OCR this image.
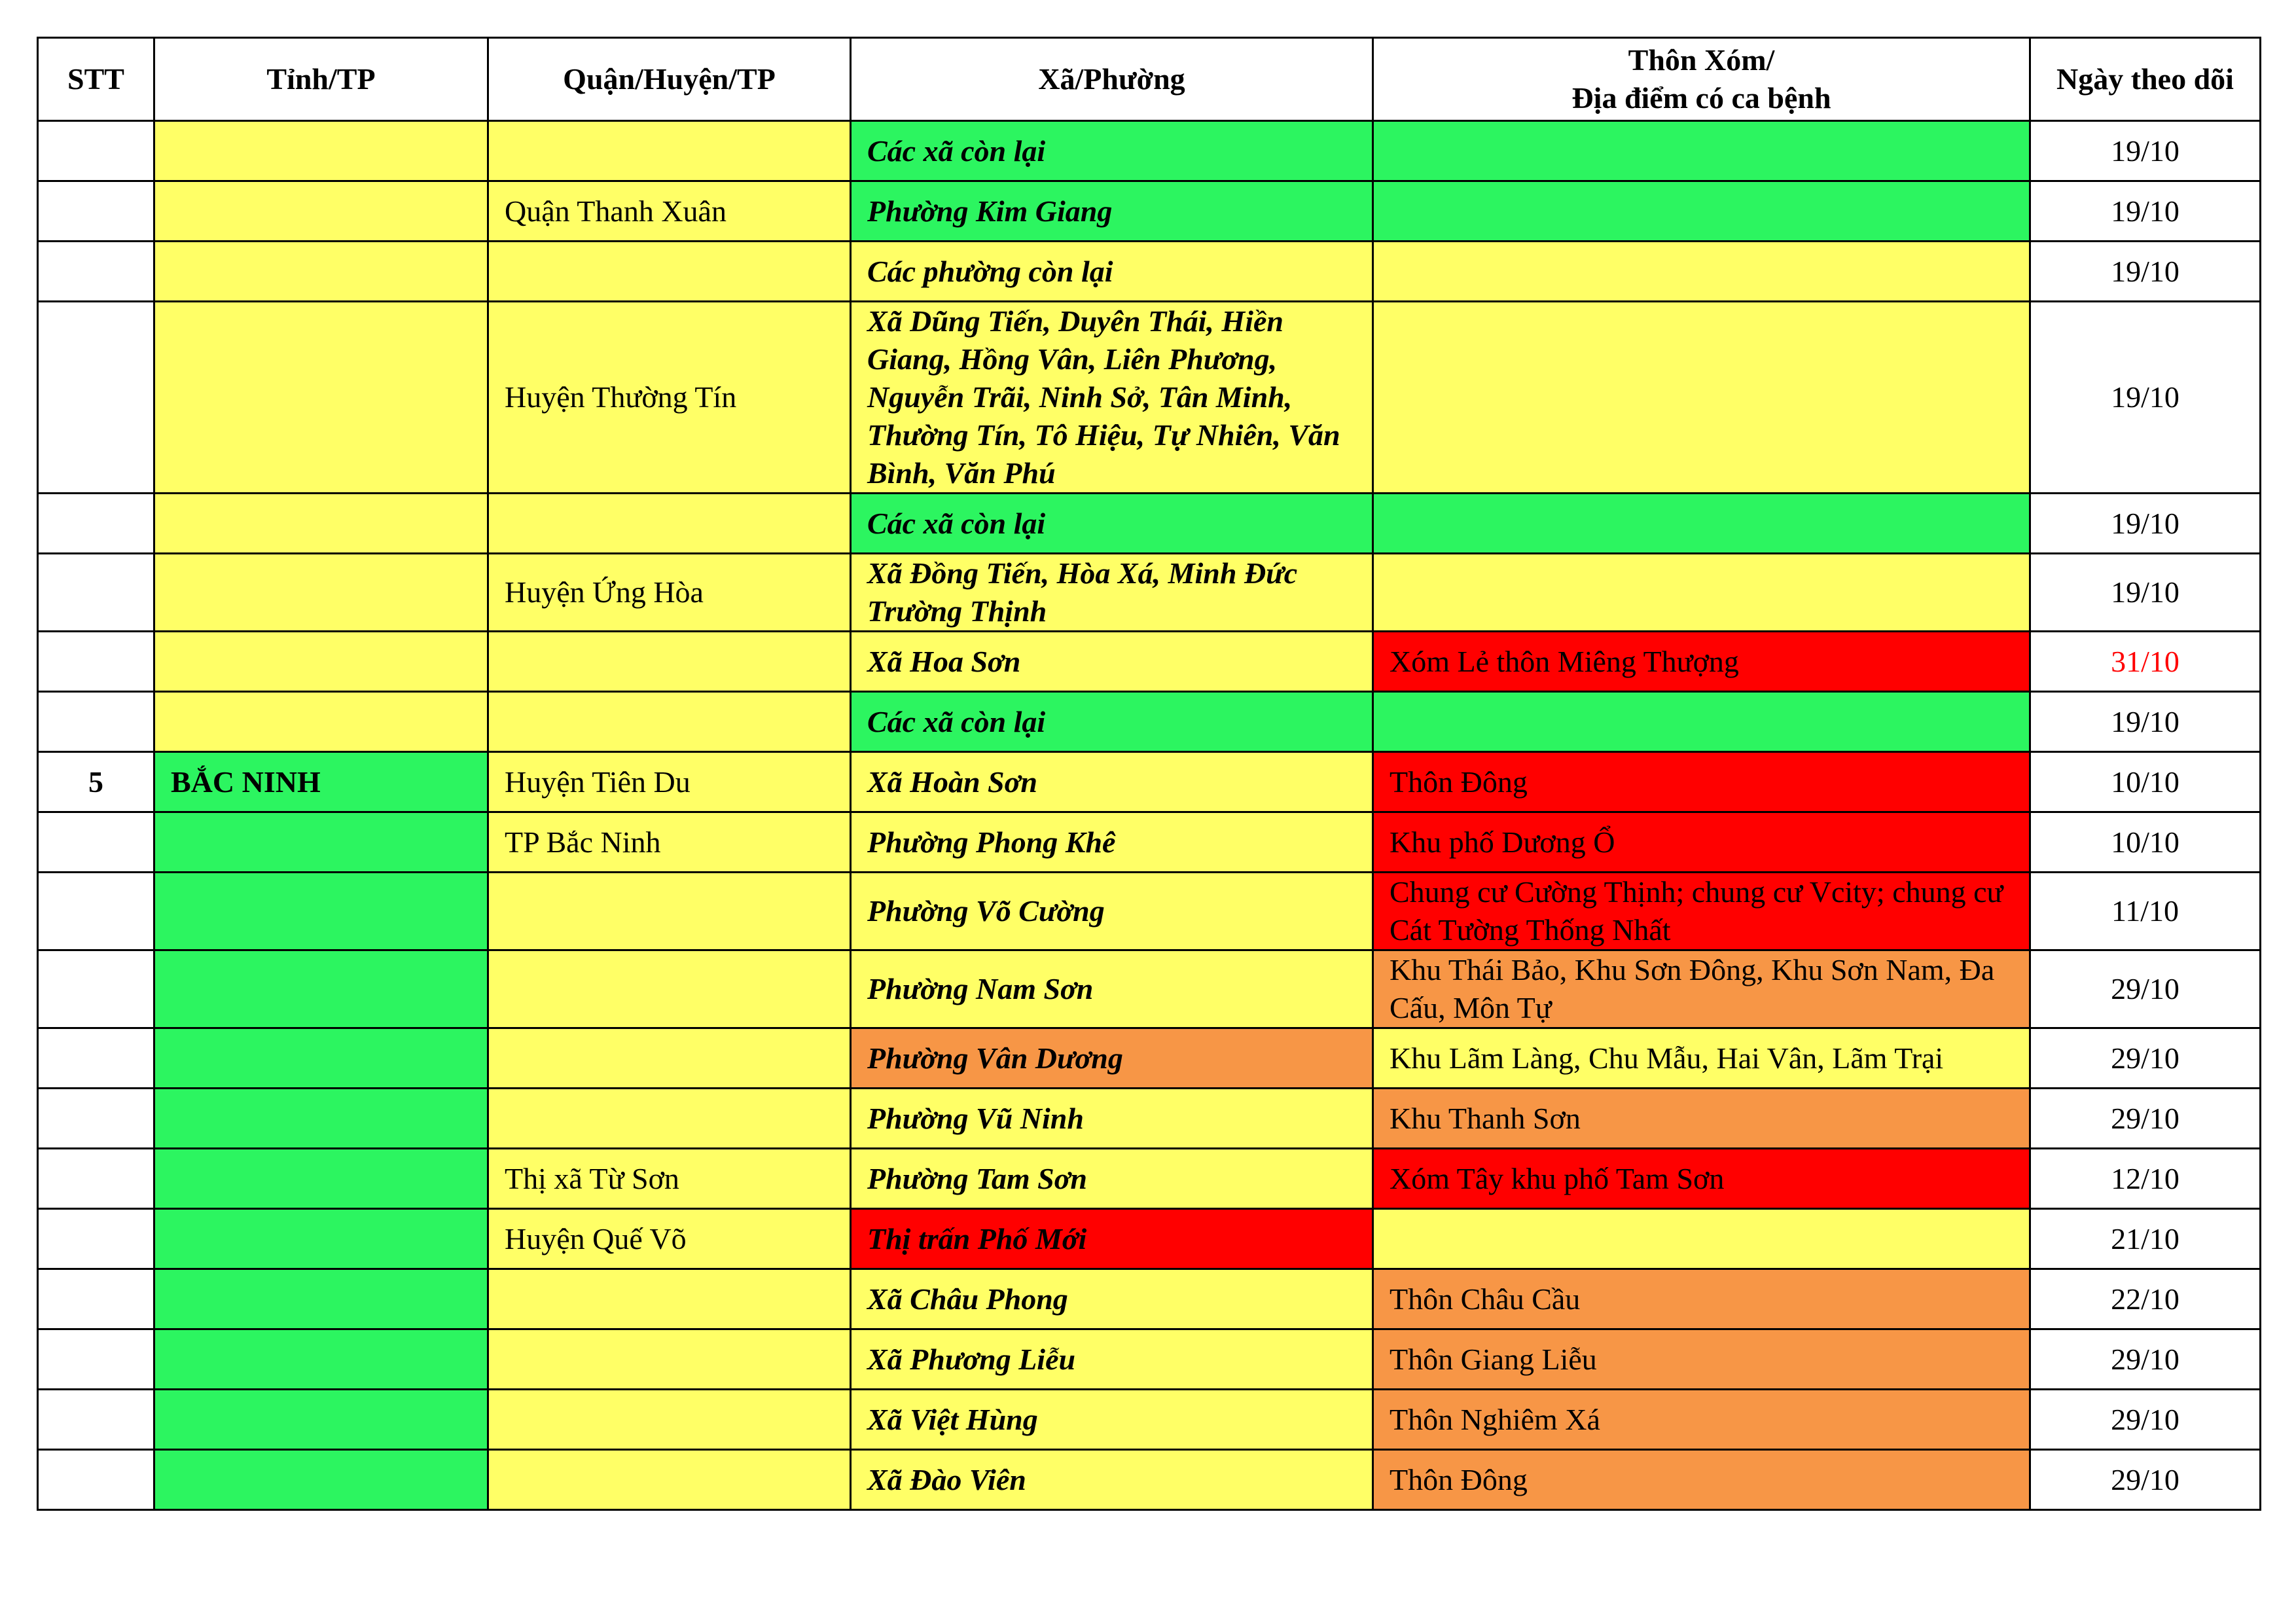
STT	Tỉnh/TP	Quận/Huyện/TP	Xã/Phường	Thôn Xóm/
Địa điểm có ca bệnh	Ngày theo dõi
			Các xã còn lại		19/10
		Quận Thanh Xuân	Phường Kim Giang		19/10
			Các phường còn lại		19/10
		Huyện Thường Tín	Xã Dũng Tiến, Duyên Thái, Hiền Giang, Hồng Vân, Liên Phương, Nguyễn Trãi, Ninh Sở, Tân Minh, Thường Tín, Tô Hiệu, Tự Nhiên, Văn Bình, Văn Phú		19/10
			Các xã còn lại		19/10
		Huyện Ứng Hòa	Xã Đồng Tiến, Hòa Xá, Minh Đức Trường Thịnh		19/10
			Xã Hoa Sơn	Xóm Lẻ thôn Miêng Thượng	31/10
			Các xã còn lại		19/10
5	BẮC NINH	Huyện Tiên Du	Xã Hoàn Sơn	Thôn Đông	10/10
		TP Bắc Ninh	Phường Phong Khê	Khu phố Dương Ổ	10/10
			Phường Võ Cường	Chung cư Cường Thịnh; chung cư Vcity; chung cư Cát Tường Thống Nhất	11/10
			Phường Nam Sơn	Khu Thái Bảo, Khu Sơn Đông, Khu Sơn Nam, Đa Cấu, Môn Tự	29/10
			Phường Vân Dương	Khu Lãm Làng, Chu Mẫu, Hai Vân, Lãm Trại	29/10
			Phường Vũ Ninh	Khu Thanh Sơn	29/10
		Thị xã Từ Sơn	Phường Tam Sơn	Xóm Tây khu phố Tam Sơn	12/10
		Huyện Quế Võ	Thị trấn Phố Mới		21/10
			Xã Châu Phong	Thôn Châu Cầu	22/10
			Xã Phương Liễu	Thôn Giang Liễu	29/10
			Xã Việt Hùng	Thôn Nghiêm Xá	29/10
			Xã Đào Viên	Thôn Đông	29/10
